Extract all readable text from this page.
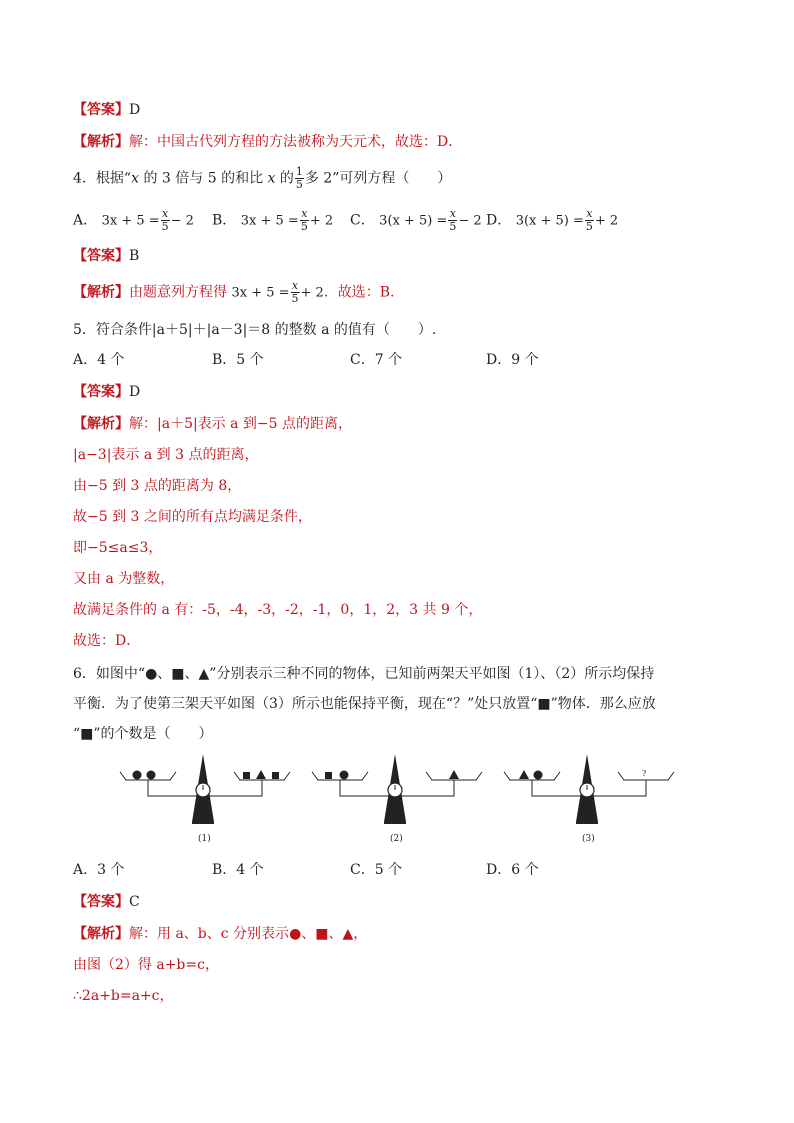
【答案】D
【解析】解：中国古代列方程的方法被称为天元术，故选：D．
4．根据“x 的 3 倍与 5 的和比 x 的 $\frac{1}{5}$ 多 2”可列方程（　　）
A． $3x + 5 = \frac{x}{5} - 2$ B． $3x + 5 = \frac{x}{5} + 2$ C． $3(x + 5) = \frac{x}{5} - 2$ D． $3(x + 5) = \frac{x}{5} + 2$
【答案】B
【解析】由题意列方程得 $3x + 5 = \frac{x}{5} + 2$．故选：B．
5．符合条件|a＋5|＋|a－3|＝8 的整数 a 的值有（　　）.
A．4 个	B．5 个	C．7 个	D．9 个
【答案】D
【解析】解：|a＋5|表示 a 到−5 点的距离，
|a−3|表示 a 到 3 点的距离，
由−5 到 3 点的距离为 8，
故−5 到 3 之间的所有点均满足条件，
即−5≤a≤3，
又由 a 为整数，
故满足条件的 a 有：-5，-4，-3，-2，-1，0，1，2，3 共 9 个，
故选：D．
6．如图中“●、■、▲”分别表示三种不同的物体，已知前两架天平如图（1）、（2）所示均保持
平衡．为了使第三架天平如图（3）所示也能保持平衡，现在“？”处只放置“■”物体．那么应放
“■”的个数是（　　）
?
(1)	(2)	(3)
A．3 个	B．4 个	C．5 个	D．6 个
【答案】C
【解析】解：用 a、b、c 分别表示●、■、▲，
由图（2）得 a+b=c，
∴2a+b=a+c，
